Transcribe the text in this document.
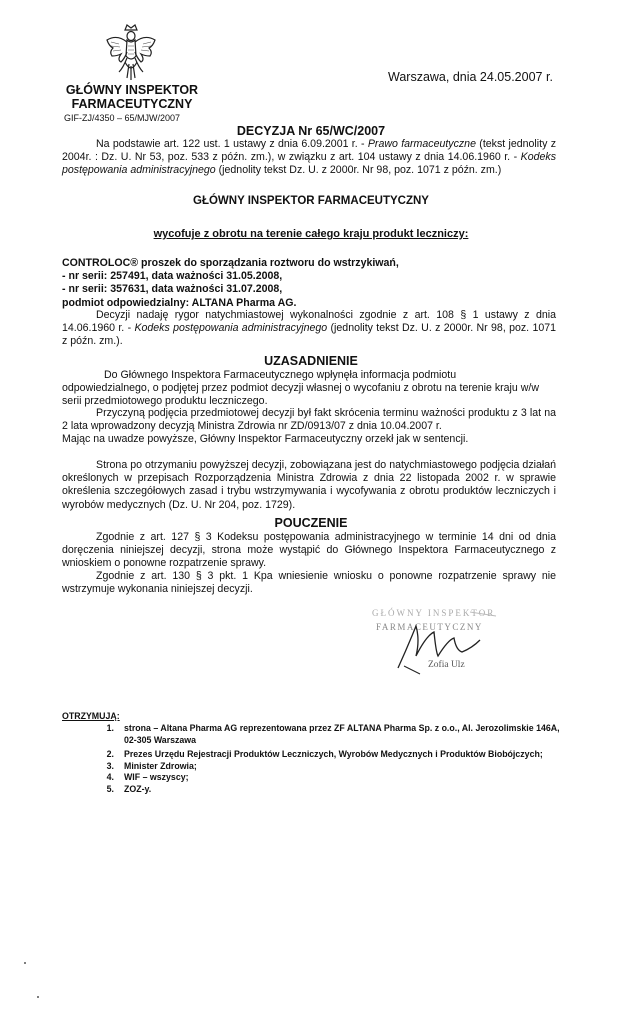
Warszawa, dnia 24.05.2007 r.
GŁÓWNY INSPEKTOR
FARMACEUTYCZNY
GIF-ZJ/4350 – 65/MJW/2007
DECYZJA Nr 65/WC/2007
Na podstawie art. 122 ust. 1 ustawy z dnia 6.09.2001 r. - Prawo farmaceutyczne (tekst jednolity z 2004r. : Dz. U. Nr 53, poz. 533 z późn. zm.), w związku z art. 104 ustawy z dnia 14.06.1960 r. - Kodeks postępowania administracyjnego (jednolity tekst Dz. U. z 2000r. Nr 98, poz. 1071 z późn. zm.)
GŁÓWNY INSPEKTOR FARMACEUTYCZNY
wycofuje z obrotu na terenie całego kraju produkt leczniczy:
CONTROLOC® proszek do sporządzania roztworu do wstrzykiwań,
- nr serii: 257491, data ważności 31.05.2008,
- nr serii: 357631, data ważności 31.07.2008,
podmiot odpowiedzialny: ALTANA Pharma AG.
Decyzji nadaję rygor natychmiastowej wykonalności zgodnie z art. 108 § 1 ustawy z dnia 14.06.1960 r. - Kodeks postępowania administracyjnego (jednolity tekst Dz. U. z 2000r. Nr 98, poz. 1071 z późn. zm.).
UZASADNIENIE
Do Głównego Inspektora Farmaceutycznego wpłynęła informacja podmiotu odpowiedzialnego, o podjętej przez podmiot decyzji własnej o wycofaniu z obrotu na terenie kraju w/w serii przedmiotowego produktu leczniczego.
Przyczyną podjęcia przedmiotowej decyzji był fakt skrócenia terminu ważności produktu z 3 lat na 2 lata wprowadzony decyzją Ministra Zdrowia nr ZD/0913/07 z dnia 10.04.2007 r.
Mając na uwadze powyższe, Główny Inspektor Farmaceutyczny orzekł jak w sentencji.
Strona po otrzymaniu powyższej decyzji, zobowiązana jest do natychmiastowego podjęcia działań określonych w przepisach Rozporządzenia Ministra Zdrowia z dnia 22 listopada 2002 r. w sprawie określenia szczegółowych zasad i trybu wstrzymywania i wycofywania z obrotu produktów leczniczych i wyrobów medycznych (Dz. U. Nr 204, poz. 1729).
POUCZENIE
Zgodnie z art. 127 § 3 Kodeksu postępowania administracyjnego w terminie 14 dni od dnia doręczenia niniejszej decyzji, strona może wystąpić do Głównego Inspektora Farmaceutycznego z wnioskiem o ponowne rozpatrzenie sprawy.
Zgodnie z art. 130 § 3 pkt. 1 Kpa wniesienie wniosku o ponowne rozpatrzenie sprawy nie wstrzymuje wykonania niniejszej decyzji.
GŁÓWNY INSPEKTOR
FARMACEUTYCZNY
Zofia Ulz
OTRZYMUJĄ:
1.	strona – Altana Pharma AG reprezentowana przez ZF ALTANA Pharma Sp. z o.o., Al. Jerozolimskie 146A, 02-305 Warszawa
2.	Prezes Urzędu Rejestracji Produktów Leczniczych, Wyrobów Medycznych i Produktów Biobójczych;
3.	Minister Zdrowia;
4.	WIF – wszyscy;
5.	ZOZ-y.
